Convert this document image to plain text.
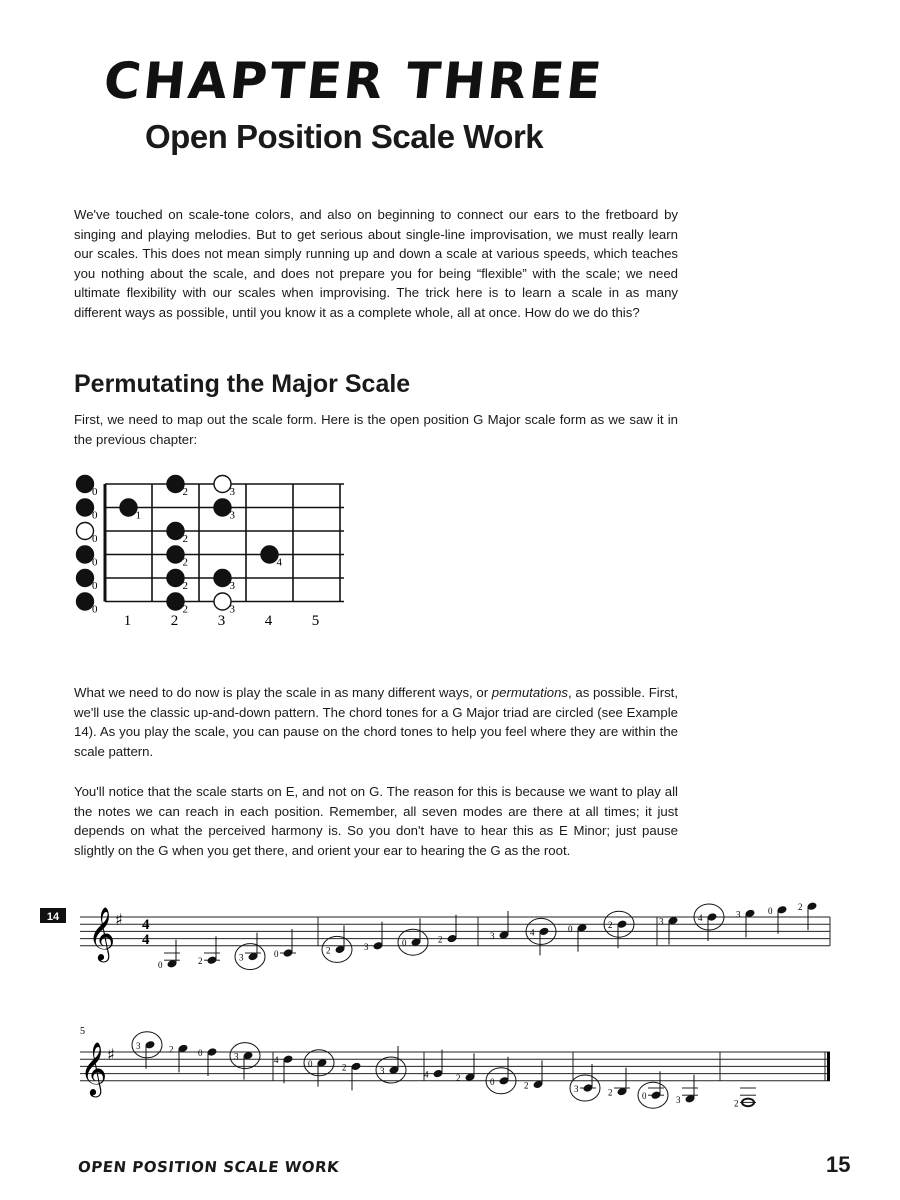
CHAPTER THREE
Open Position Scale Work

We've touched on scale-tone colors, and also on beginning to connect our ears to the fretboard by singing and playing melodies. But to get serious about single-line improvisation, we must really learn our scales. This does not mean simply running up and down a scale at various speeds, which teaches you nothing about the scale, and does not prepare you for being “flexible” with the scale; we need ultimate flexibility with our scales when improvising. The trick here is to learn a scale in as many different ways as possible, until you know it as a complete whole, all at once. How do we do this?

Permutating the Major Scale

First, we need to map out the scale form. Here is the open position G Major scale form as we saw it in the previous chapter:

0	2	3
0	1	3
0	2
0	2	4
0	2	3
0	2	3
1	2	3	4	5

What we need to do now is play the scale in as many different ways, or permutations, as possible. First, we'll use the classic up-and-down pattern. The chord tones for a G Major triad are circled (see Example 14). As you play the scale, you can pause on the chord tones to help you feel where they are within the scale pattern.

You'll notice that the scale starts on E, and not on G. The reason for this is because we want to play all the notes we can reach in each position. Remember, all seven modes are there at all times; it just depends on what the perceived harmony is. So you don't have to hear this as E Minor; just pause slightly on the G when you get there, and orient your ear to hearing the G as the root.

14 𝄞 ♯ 4
4
0	2	3	0	2	3	0	2	3	4	0	2	3	4	3	0	2
5
𝄞 ♯ 3	2	0	3	4	0	2	3	4	2	0	2	3	2	0	3	2
OPEN POSITION SCALE WORK	15
